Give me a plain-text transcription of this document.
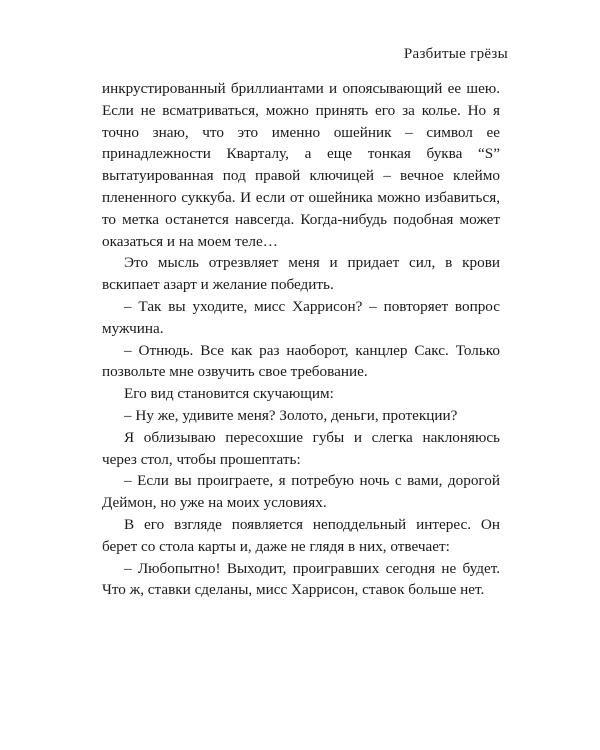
Разбитые грёзы

инкрустированный бриллиантами и опоясывающий ее шею. Если не всматриваться, можно принять его за колье. Но я точно знаю, что это именно ошейник – символ ее принадлежности Кварталу, а еще тонкая буква “S” вытатуированная под правой ключицей – вечное клеймо плененного суккуба. И если от ошейника можно избавиться, то метка останется навсегда. Когда-нибудь подобная может оказаться и на моем теле…

Это мысль отрезвляет меня и придает сил, в крови вскипает азарт и желание победить.

– Так вы уходите, мисс Харрисон? – повторяет вопрос мужчина.

– Отнюдь. Все как раз наоборот, канцлер Сакс. Только позвольте мне озвучить свое требование.

Его вид становится скучающим:

– Ну же, удивите меня? Золото, деньги, протекции?

Я облизываю пересохшие губы и слегка наклоняюсь через стол, чтобы прошептать:

– Если вы проиграете, я потребую ночь с вами, дорогой Деймон, но уже на моих условиях.

В его взгляде появляется неподдельный интерес. Он берет со стола карты и, даже не глядя в них, отвечает:

– Любопытно! Выходит, проигравших сегодня не будет. Что ж, ставки сделаны, мисс Харрисон, ставок больше нет.
